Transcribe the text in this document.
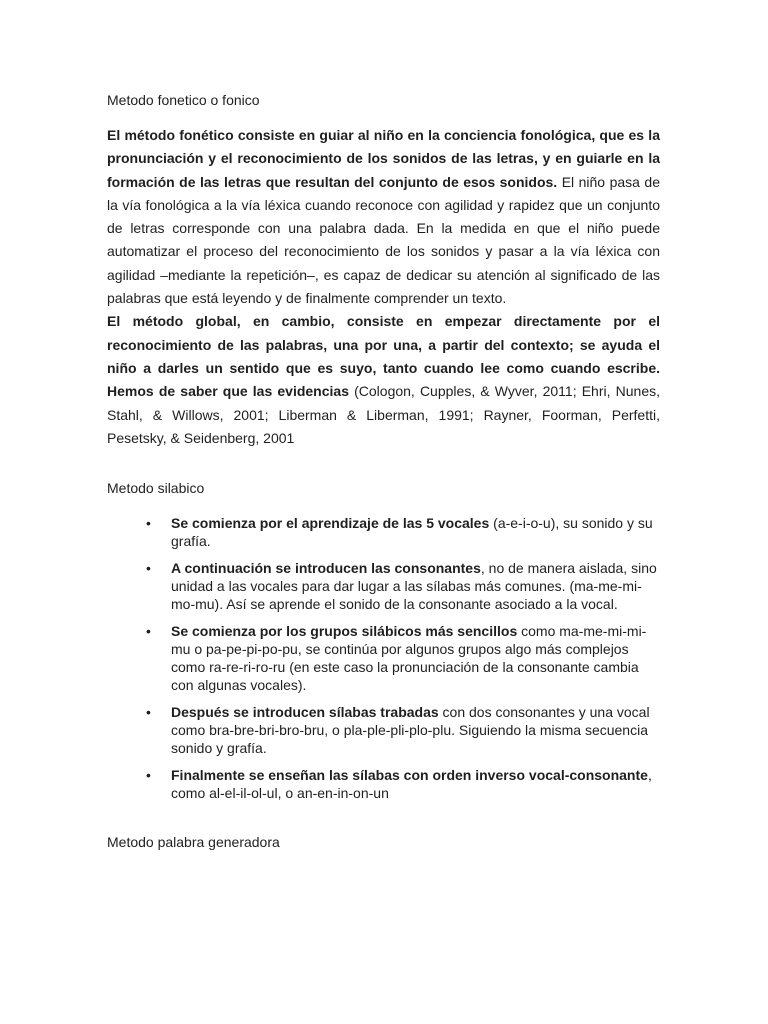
Metodo fonetico o fonico

El método fonético consiste en guiar al niño en la conciencia fonológica, que es la pronunciación y el reconocimiento de los sonidos de las letras, y en guiarle en la formación de las letras que resultan del conjunto de esos sonidos. El niño pasa de la vía fonológica a la vía léxica cuando reconoce con agilidad y rapidez que un conjunto de letras corresponde con una palabra dada. En la medida en que el niño puede automatizar el proceso del reconocimiento de los sonidos y pasar a la vía léxica con agilidad –mediante la repetición–, es capaz de dedicar su atención al significado de las palabras que está leyendo y de finalmente comprender un texto.

El método global, en cambio, consiste en empezar directamente por el reconocimiento de las palabras, una por una, a partir del contexto; se ayuda el niño a darles un sentido que es suyo, tanto cuando lee como cuando escribe. Hemos de saber que las evidencias (Cologon, Cupples, & Wyver, 2011; Ehri, Nunes, Stahl, & Willows, 2001; Liberman & Liberman, 1991; Rayner, Foorman, Perfetti, Pesetsky, & Seidenberg, 2001

Metodo silabico

• Se comienza por el aprendizaje de las 5 vocales (a-e-i-o-u), su sonido y su grafía.
• A continuación se introducen las consonantes, no de manera aislada, sino unidad a las vocales para dar lugar a las sílabas más comunes. (ma-me-mi-mo-mu). Así se aprende el sonido de la consonante asociado a la vocal.
• Se comienza por los grupos silábicos más sencillos como ma-me-mi-mi-mu o pa-pe-pi-po-pu, se continúa por algunos grupos algo más complejos como ra-re-ri-ro-ru (en este caso la pronunciación de la consonante cambia con algunas vocales).
• Después se introducen sílabas trabadas con dos consonantes y una vocal como bra-bre-bri-bro-bru, o pla-ple-pli-plo-plu. Siguiendo la misma secuencia sonido y grafía.
• Finalmente se enseñan las sílabas con orden inverso vocal-consonante, como al-el-il-ol-ul, o an-en-in-on-un

Metodo palabra generadora
